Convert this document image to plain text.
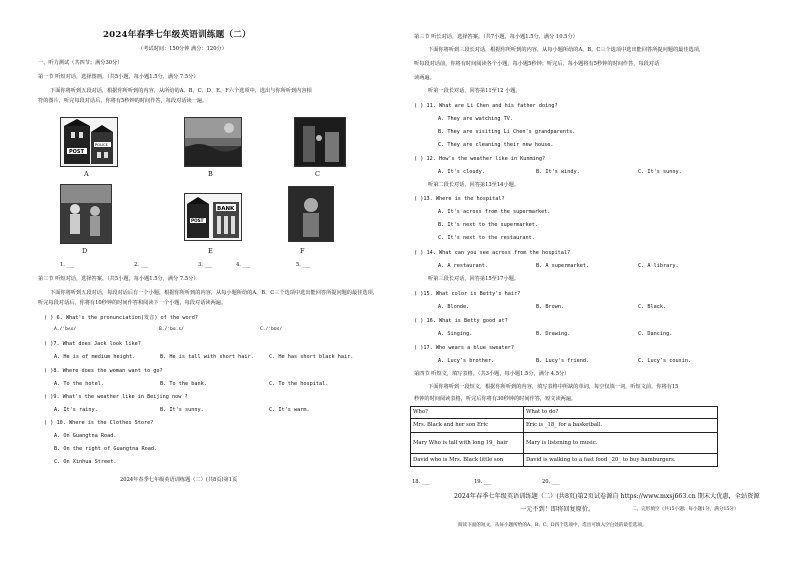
2024年春季七年级英语训练题（二）
（考试时间：150分钟 满分：120分）
一、听力测试（共四节；满分30分）
第一节 听短对话，选择图画。（共5小题，每小题1.5分，满分 7.5分）
下面你将听到五段对话，根据你所听到的内容，从所给的A、B、C、D、E、F六个选项中，选出与你所听到内容相
符的图片，听完每段对话后，你将有5秒钟的时间作答，每段对话读一遍。
POST
POLICE
A	B	C
POST
BANK
D	E	F
1. ___	2. ___	3. ___	4. ___	5. ___
第二节 听短对话，选择答案。（共5小题，每小题1.5分，满分 7.5分）
下面你将听到五段对话，每段对话后有一个小题，根据你所听到的内容，从每小题所给的A、B、C三个选项中选出能回答所提问题的最佳选项，
听完每段对话后，你将有10秒钟的时间作答和阅读下一个小题，每段对话读两遍。
( ) 6. What's the pronunciation(发音) of the word?
A./ˈbʌs/	B./ˈbɑːs/	C./ˈbʊs/
( )7. What does Jack look like?
A. He is of medium height.	B. He is tall with short hair.	C. He has short black hair.
( )8. Where does the woman want to go?
A. To the hotel.	B. To the bank.	C. To the hospital.
( )9. What's the weather like in Beijing now ?
A. It's rainy.	B. It's sunny.	C. It's warm.
( ) 10. Where is the Clothes Store?
A. On Guangtna Road.
B. On the right of Guangtna Road.
C. On Xinhua Street.
2024年春季七年级英语训练题（二）(共8页)第1页
第三节 听长对话，选择答案。（共7小题，每小题1.5分，满分 10.5分）
下面你将听到三段长对话，根据你所听到的内容，从每小题所给的A、B、C三个选项中选出能回答所提问题的最佳选项，
听每段对话前，你将有时间阅读各个小题，每小题5秒钟；听完后，每小题将有5秒钟的时间作答，每段对话
读两遍。
听第一段长对话，回答第11至12 小题。
( ) 11. What are Li Chen and his father doing?
A. They are watching TV.
B. They are visiting Li Chen's grandparents.
C. They are cleaning their new house.
( ) 12. How's the weather like in Kunming?
A. It's cloudy.	B. It's windy.	C. It's sunny.
听第二段长对话，回答第13至14小题。
( )13. Where is the hospital?
A. It's across from the supermarket.
B. It's next to the supermarket.
C. It's next to the restaurant.
( ) 14. What can you see across from the hospital?
A. A restaurant.	B. A supermarket.	C. A library.
听第三段长对话，回答第15至17小题。
( )15. What color is Betty's hair?
A. Blonde.	B. Brown.	C. Black.
( ) 16. What is Betty good at?
A. Singing.	B. Drawing.	C. Dancing.
( )17. Who wears a blue sweater?
A. Lucy's brother.	B. Lucy's friend.	C. Lucy's cousin.
第四节 听短文，填写表格。（共3小题，每小题1.5分，满分 4.5分）
下面你将听到一段短文，根据你所听到的内容，填写表格中所缺的单词，每空仅填一词，听短文前，你将有15
秒钟的时间阅读表格，听完后你将有30秒钟的时间作答，短文读两遍。
Who?	What to do?
Mrs. Black and her son Eric	Eric is _18_ for a basketball.
Mary Who is tall with long 19_ hair	Mary is listening to music.
David who is Mrs. Black little son	David is walking to a fast food _20_ to buy hamburgers.
18. ___	19. ___	20. ___
2024年春季七年级英语训练题（二）(共8页)第2页试卷源自 https://www.mxsj663.cn 期末大优惠，全站资源
一元不到！即将回复原价。	二、完形填空（共15小题；每小题1分，满分15分）
阅读下面的短文，从每小题所给的A、B、C、D四个选项中，选出可填入空白处的最佳选项。
